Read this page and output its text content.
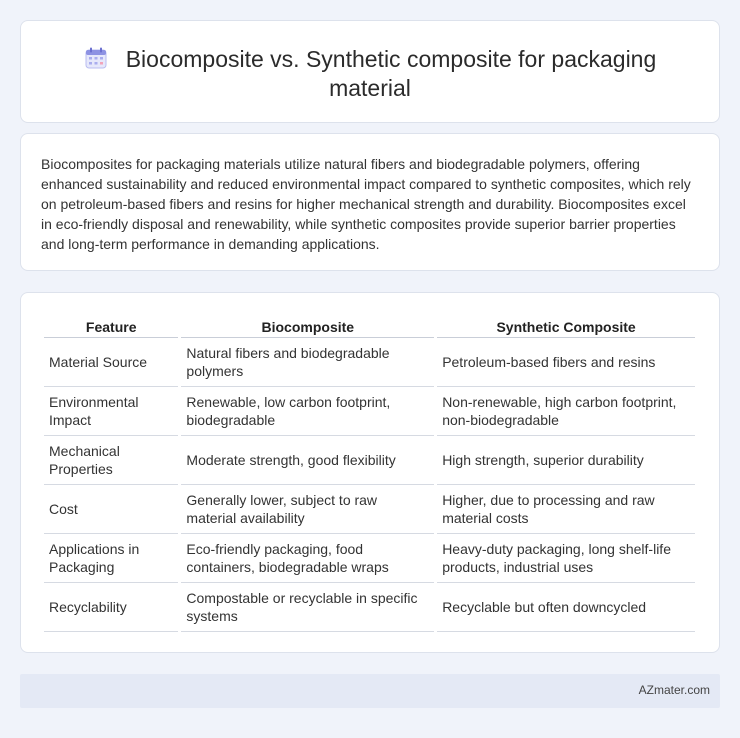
Biocomposite vs. Synthetic composite for packaging material

Biocomposites for packaging materials utilize natural fibers and biodegradable polymers, offering enhanced sustainability and reduced environmental impact compared to synthetic composites, which rely on petroleum-based fibers and resins for higher mechanical strength and durability. Biocomposites excel in eco-friendly disposal and renewability, while synthetic composites provide superior barrier properties and long-term performance in demanding applications.

Feature	Biocomposite	Synthetic Composite
Material Source	Natural fibers and biodegradable polymers	Petroleum-based fibers and resins
Environmental Impact	Renewable, low carbon footprint, biodegradable	Non-renewable, high carbon footprint, non-biodegradable
Mechanical Properties	Moderate strength, good flexibility	High strength, superior durability
Cost	Generally lower, subject to raw material availability	Higher, due to processing and raw material costs
Applications in Packaging	Eco-friendly packaging, food containers, biodegradable wraps	Heavy-duty packaging, long shelf-life products, industrial uses
Recyclability	Compostable or recyclable in specific systems	Recyclable but often downcycled
AZmater.com
